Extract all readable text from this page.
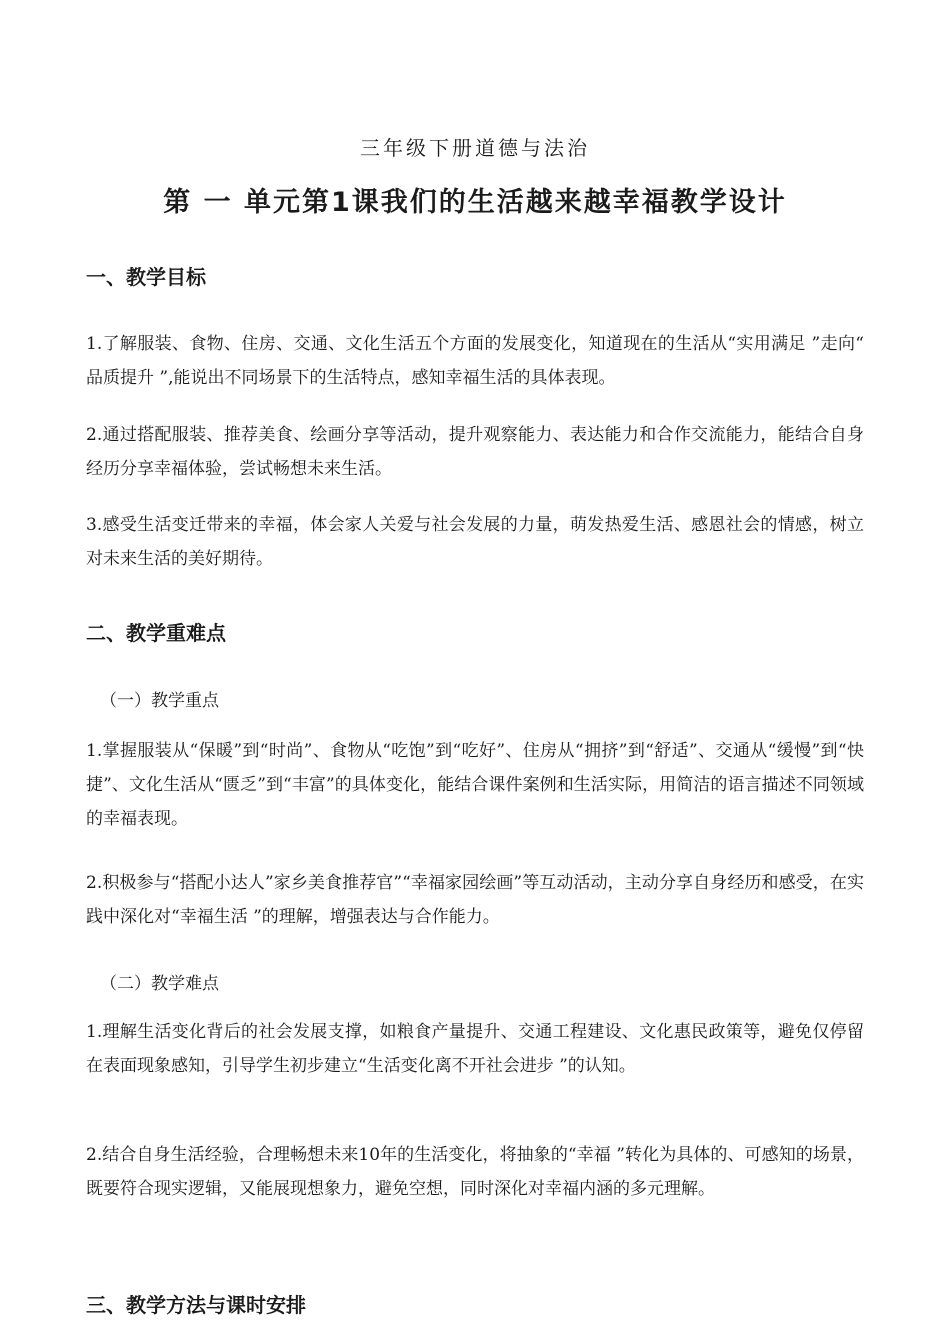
三年级下册道德与法治

第 一 单元第1课我们的生活越来越幸福教学设计
一、教学目标

1.了解服装、食物、住房、交通、文化生活五个方面的发展变化，知道现在的生活从“实用满足 ”走向“ 品质提升 ”,能说出不同场景下的生活特点，感知幸福生活的具体表现。

2.通过搭配服装、推荐美食、绘画分享等活动，提升观察能力、表达能力和合作交流能力，能结合自身经历分享幸福体验，尝试畅想未来生活。

3.感受生活变迁带来的幸福，体会家人关爱与社会发展的力量，萌发热爱生活、感恩社会的情感，树立对未来生活的美好期待。

二、教学重难点

（一）教学重点

1.掌握服装从“保暖”到“时尚”、食物从“吃饱”到“吃好”、住房从“拥挤”到“舒适”、交通从“缓慢”到“快捷”、文化生活从“匮乏”到“丰富”的具体变化，能结合课件案例和生活实际，用简洁的语言描述不同领域的幸福表现。

2.积极参与“搭配小达人”家乡美食推荐官”“幸福家园绘画”等互动活动，主动分享自身经历和感受，在实践中深化对“幸福生活 ”的理解，增强表达与合作能力。

（二）教学难点

1.理解生活变化背后的社会发展支撑，如粮食产量提升、交通工程建设、文化惠民政策等，避免仅停留在表面现象感知，引导学生初步建立“生活变化离不开社会进步 ”的认知。

2.结合自身生活经验，合理畅想未来10年的生活变化，将抽象的“幸福 ”转化为具体的、可感知的场景，既要符合现实逻辑，又能展现想象力，避免空想，同时深化对幸福内涵的多元理解。

三、教学方法与课时安排
